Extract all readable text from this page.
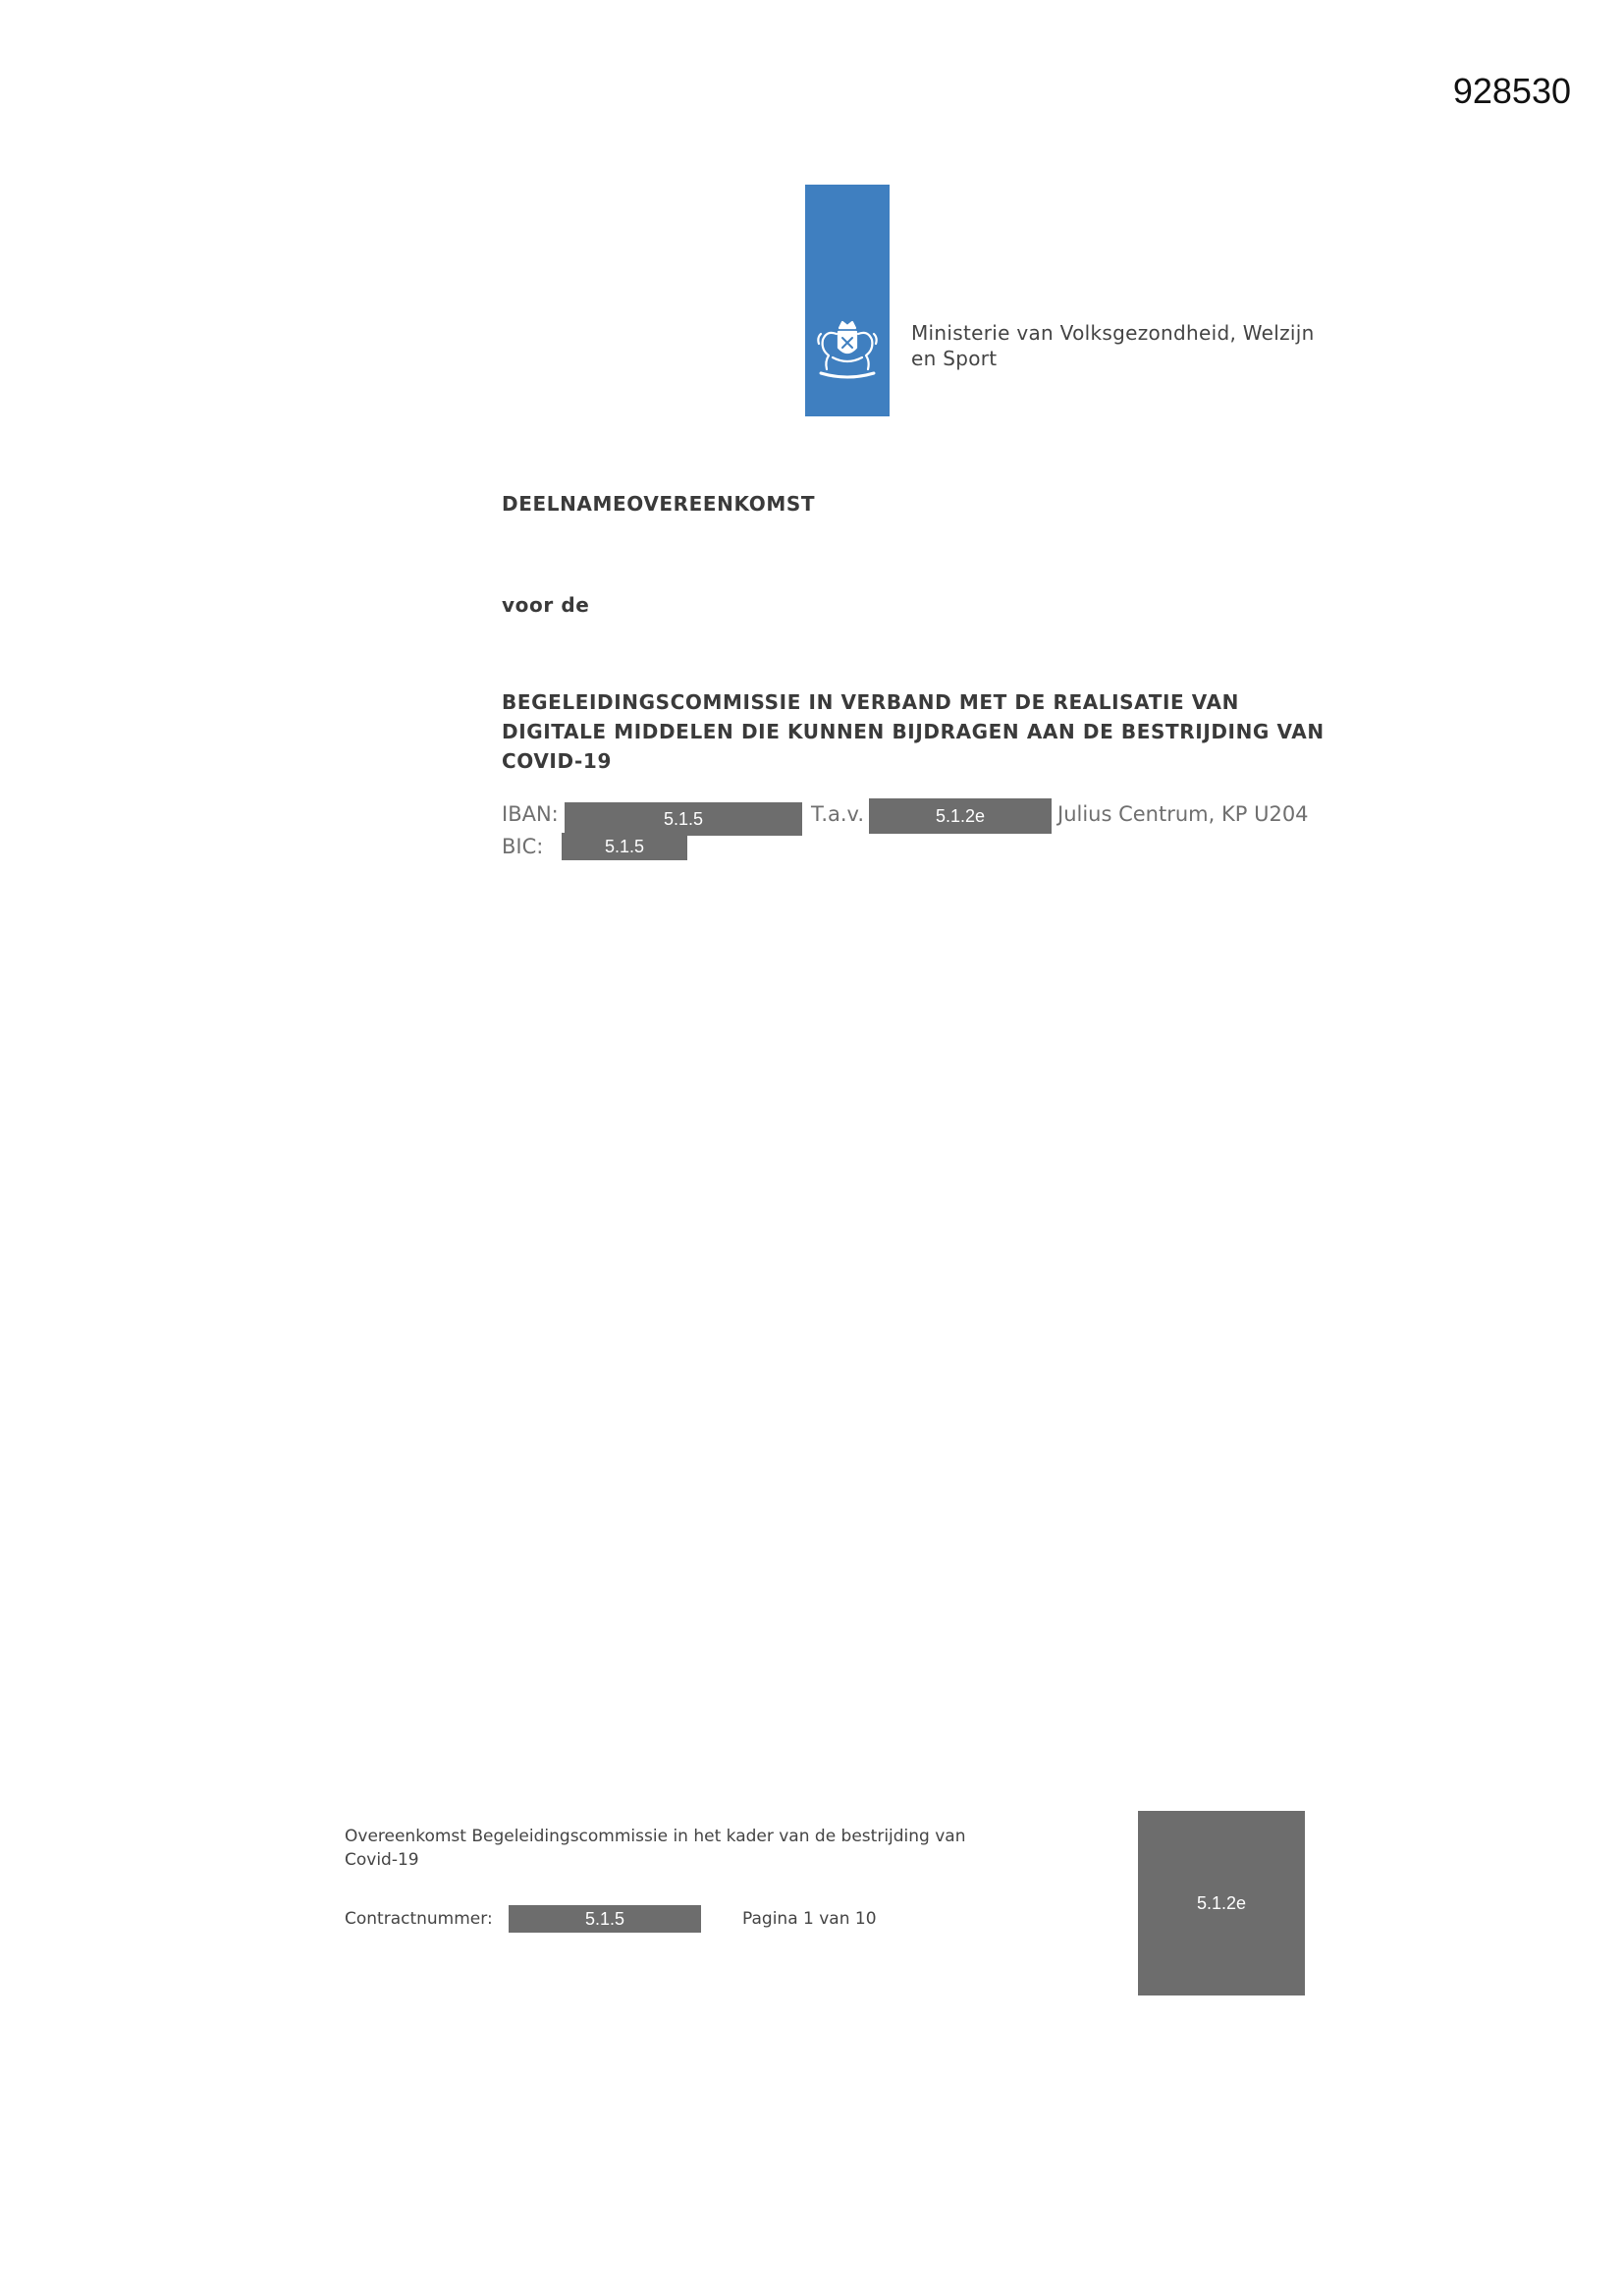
928530
Ministerie van Volksgezondheid, Welzijn
en Sport
DEELNAMEOVEREENKOMST
voor de
BEGELEIDINGSCOMMISSIE IN VERBAND MET DE REALISATIE VAN
DIGITALE MIDDELEN DIE KUNNEN BIJDRAGEN AAN DE BESTRIJDING VAN
COVID-19
IBAN:	5.1.5	T.a.v.	5.1.2e	Julius Centrum, KP U204
BIC:	5.1.5
Overeenkomst Begeleidingscommissie in het kader van de bestrijding van
Covid-19
Contractnummer:	5.1.5	Pagina 1 van 10
5.1.2e
